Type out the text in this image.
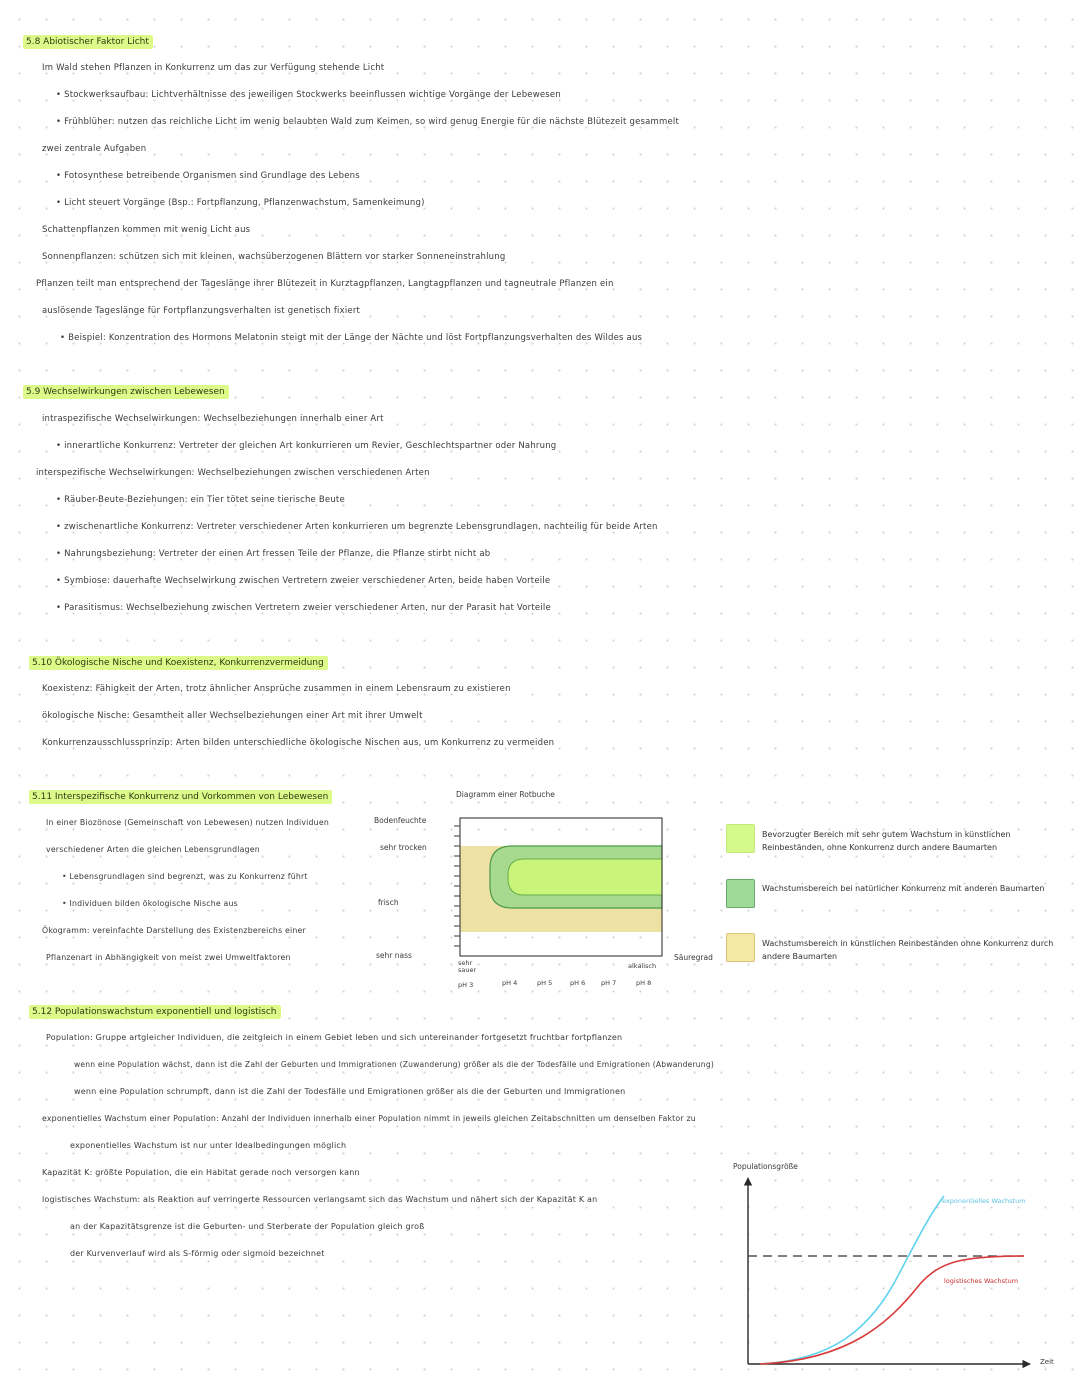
5.8 Abiotischer Faktor Licht
Im Wald stehen Pflanzen in Konkurrenz um das zur Verfügung stehende Licht
• Stockwerksaufbau: Lichtverhältnisse des jeweiligen Stockwerks beeinflussen wichtige Vorgänge der Lebewesen
• Frühblüher: nutzen das reichliche Licht im wenig belaubten Wald zum Keimen, so wird genug Energie für die nächste Blütezeit gesammelt
zwei zentrale Aufgaben
• Fotosynthese betreibende Organismen sind Grundlage des Lebens
• Licht steuert Vorgänge (Bsp.: Fortpflanzung, Pflanzenwachstum, Samenkeimung)
Schattenpflanzen kommen mit wenig Licht aus
Sonnenpflanzen: schützen sich mit kleinen, wachsüberzogenen Blättern vor starker Sonneneinstrahlung
Pflanzen teilt man entsprechend der Tageslänge ihrer Blütezeit in Kurztagpflanzen, Langtagpflanzen und tagneutrale Pflanzen ein
auslösende Tageslänge für Fortpflanzungsverhalten ist genetisch fixiert
• Beispiel: Konzentration des Hormons Melatonin steigt mit der Länge der Nächte und löst Fortpflanzungsverhalten des Wildes aus
5.9 Wechselwirkungen zwischen Lebewesen
intraspezifische Wechselwirkungen: Wechselbeziehungen innerhalb einer Art
• innerartliche Konkurrenz: Vertreter der gleichen Art konkurrieren um Revier, Geschlechtspartner oder Nahrung
interspezifische Wechselwirkungen: Wechselbeziehungen zwischen verschiedenen Arten
• Räuber-Beute-Beziehungen: ein Tier tötet seine tierische Beute
• zwischenartliche Konkurrenz: Vertreter verschiedener Arten konkurrieren um begrenzte Lebensgrundlagen, nachteilig für beide Arten
• Nahrungsbeziehung: Vertreter der einen Art fressen Teile der Pflanze, die Pflanze stirbt nicht ab
• Symbiose: dauerhafte Wechselwirkung zwischen Vertretern zweier verschiedener Arten, beide haben Vorteile
• Parasitismus: Wechselbeziehung zwischen Vertretern zweier verschiedener Arten, nur der Parasit hat Vorteile
5.10 Ökologische Nische und Koexistenz, Konkurrenzvermeidung
Koexistenz: Fähigkeit der Arten, trotz ähnlicher Ansprüche zusammen in einem Lebensraum zu existieren
ökologische Nische: Gesamtheit aller Wechselbeziehungen einer Art mit ihrer Umwelt
Konkurrenzausschlussprinzip: Arten bilden unterschiedliche ökologische Nischen aus, um Konkurrenz zu vermeiden
5.11 Interspezifische Konkurrenz und Vorkommen von Lebewesen
In einer Biozönose (Gemeinschaft von Lebewesen) nutzen Individuen
verschiedener Arten die gleichen Lebensgrundlagen
• Lebensgrundlagen sind begrenzt, was zu Konkurrenz führt
• Individuen bilden ökologische Nische aus
Ökogramm: vereinfachte Darstellung des Existenzbereichs einer
Pflanzenart in Abhängigkeit von meist zwei Umweltfaktoren
Diagramm einer Rotbuche
Bodenfeuchte
sehr trocken
frisch
sehr nass
sehr sauer
pH 3	pH 4	pH 5	pH 6 pH 7
alkalisch
pH 8
Säuregrad
Bevorzugter Bereich mit sehr gutem Wachstum in künstlichen Reinbeständen, ohne Konkurrenz durch andere Baumarten
Wachstumsbereich bei natürlicher Konkurrenz mit anderen Baumarten
Wachstumsbereich in künstlichen Reinbeständen ohne Konkurrenz durch andere Baumarten
5.12 Populationswachstum exponentiell und logistisch
Population: Gruppe artgleicher Individuen, die zeitgleich in einem Gebiet leben und sich untereinander fortgesetzt fruchtbar fortpflanzen
wenn eine Population wächst, dann ist die Zahl der Geburten und Immigrationen (Zuwanderung) größer als die der Todesfälle und Emigrationen (Abwanderung)
wenn eine Population schrumpft, dann ist die Zahl der Todesfälle und Emigrationen größer als die der Geburten und Immigrationen
exponentielles Wachstum einer Population: Anzahl der Individuen innerhalb einer Population nimmt in jeweils gleichen Zeitabschnitten um denselben Faktor zu
exponentielles Wachstum ist nur unter Idealbedingungen möglich
Kapazität K: größte Population, die ein Habitat gerade noch versorgen kann
logistisches Wachstum: als Reaktion auf verringerte Ressourcen verlangsamt sich das Wachstum und nähert sich der Kapazität K an
an der Kapazitätsgrenze ist die Geburten- und Sterberate der Population gleich groß
der Kurvenverlauf wird als S-förmig oder sigmoid bezeichnet
Populationsgröße
exponentielles Wachstum
logistisches Wachstum
Zeit
